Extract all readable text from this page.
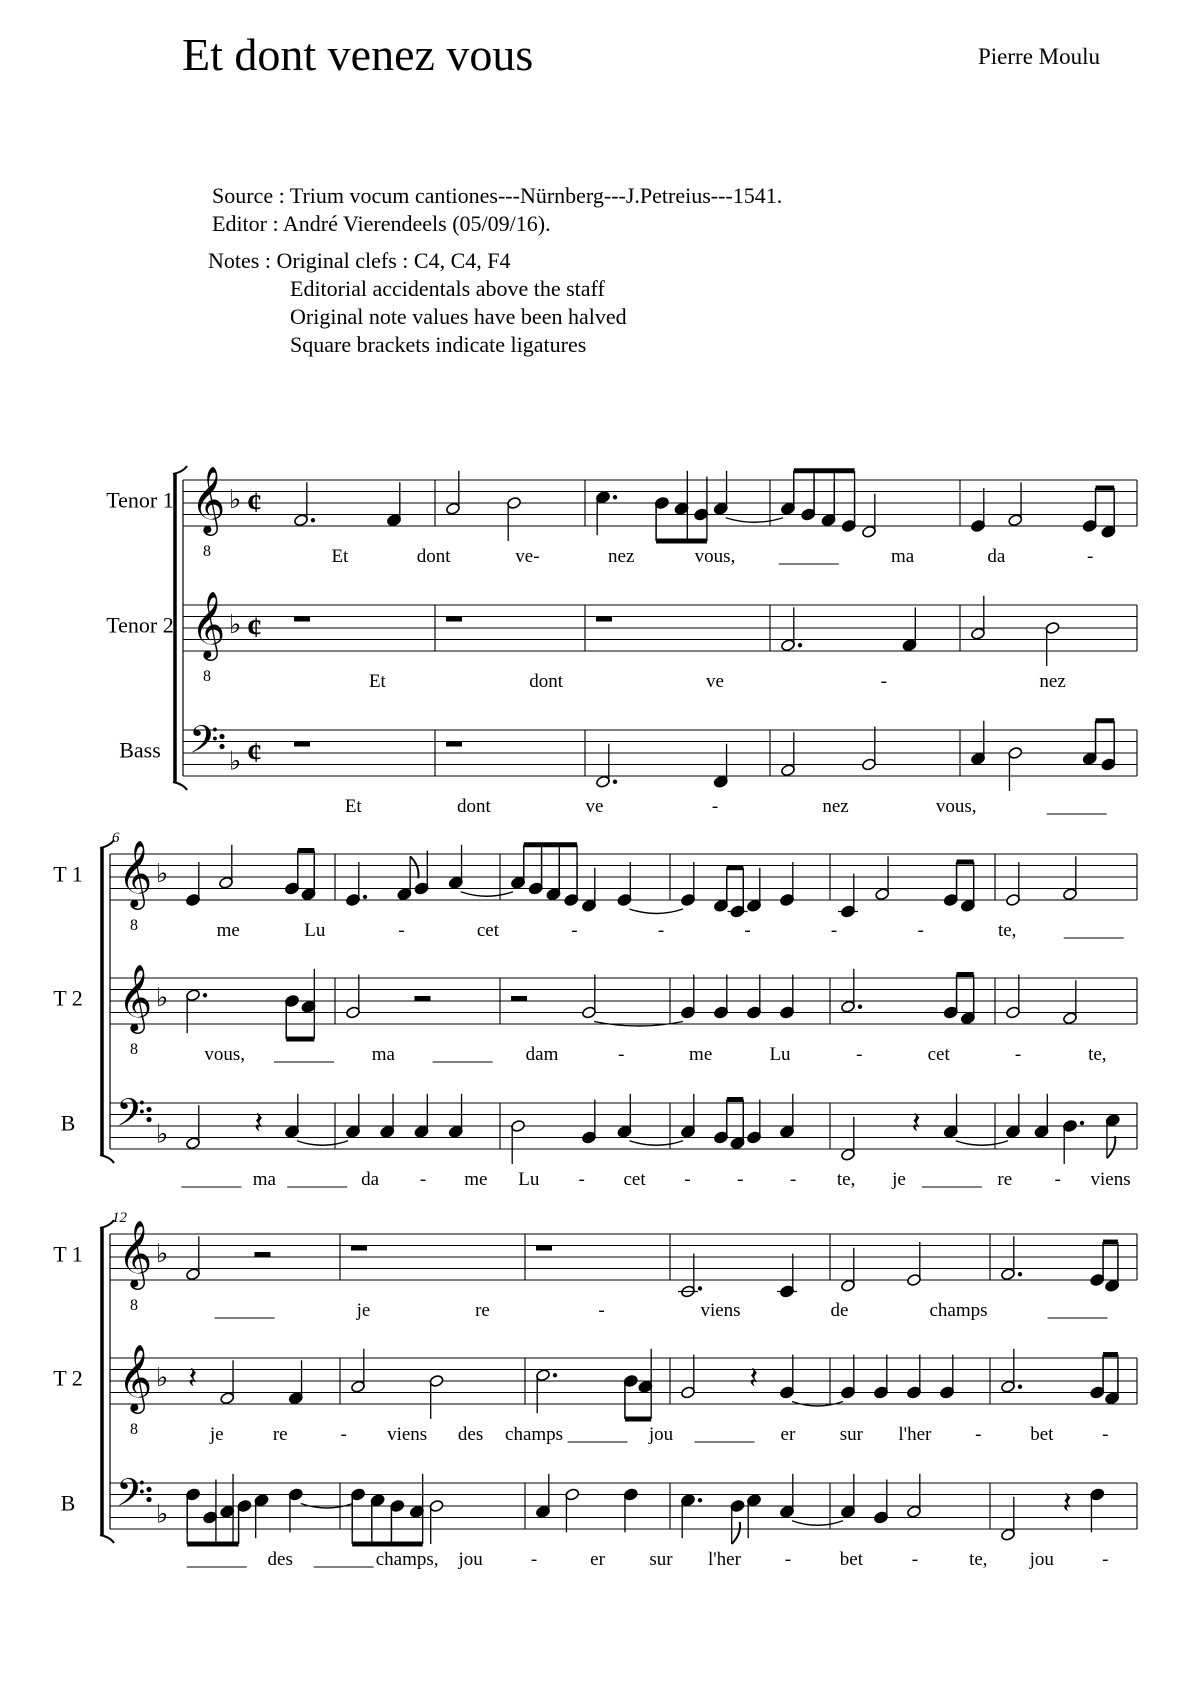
Et dont venez vous	Pierre Moulu
Source : Trium vocum cantiones---Nürnberg---J.Petreius---1541.
Editor : André Vierendeels (05/09/16).
Notes : Original clefs : C4, C4, F4
Editorial accidentals above the staff
Original note values have been halved
Square brackets indicate ligatures
Tenor 1 𝄞
8
♭ ¢
Et	dont	ve-	nez	vous,	ma	da	-
Tenor 2 𝄞
8
♭ ¢
Et	dont	ve	-	nez
Bass 𝄢 ♭ ¢
Et	dont	ve	-	nez	vous,
6
T 1 𝄞
8
♭
me	Lu	-	cet	-	-	-	-	-	te,
T 2 𝄞
8
♭
vous,	ma	dam	-	me	Lu	-	cet	-	te,
B 𝄢 ♭	𝄽	𝄽
ma	da - me Lu - cet - - - te, je	re - viens
12
T 1 𝄞
8
♭
je	re	-	viens	de	champs
T 2 𝄞
8
♭ 𝄽	𝄽
je	re	- viens des champs	jou	er sur l'her -	bet	-
B 𝄢 ♭	𝄽
des	champs, jou	-	er sur l'her -	bet	-	te, jou	-
